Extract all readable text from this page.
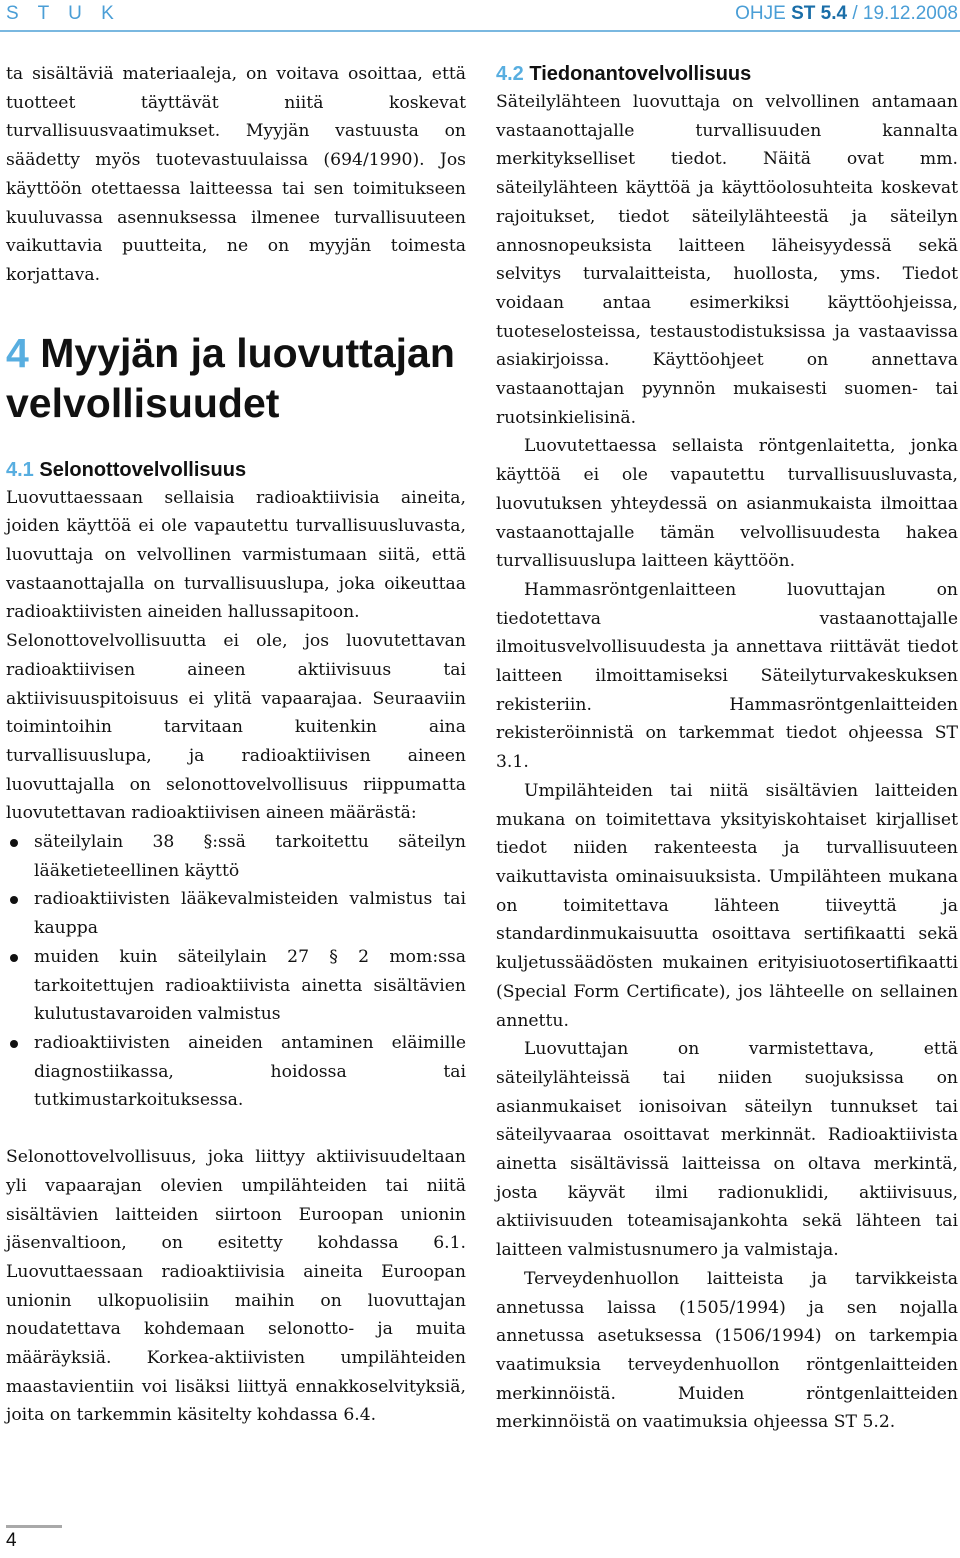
S T U K	OHJE ST 5.4 / 19.12.2008

ta sisältäviä materiaaleja, on voitava osoittaa, että tuotteet täyttävät niitä koskevat turvallisuusvaatimukset. Myyjän vastuusta on säädetty myös tuotevastuulaissa (694/1990). Jos käyttöön otettaessa laitteessa tai sen toimitukseen kuuluvassa asennuksessa ilmenee turvallisuuteen vaikuttavia puutteita, ne on myyjän toimesta korjattava.

4 Myyjän ja luovuttajan velvollisuudet
4.1 Selonottovelvollisuus

Luovuttaessaan sellaisia radioaktiivisia aineita, joiden käyttöä ei ole vapautettu turvallisuusluvasta, luovuttaja on velvollinen varmistumaan siitä, että vastaanottajalla on turvallisuuslupa, joka oikeuttaa radioaktiivisten aineiden hallussapitoon.

Selonottovelvollisuutta ei ole, jos luovutettavan radioaktiivisen aineen aktiivisuus tai aktiivisuuspitoisuus ei ylitä vapaarajaa. Seuraaviin toimintoihin tarvitaan kuitenkin aina turvallisuuslupa, ja radioaktiivisen aineen luovuttajalla on selonottovelvollisuus riippumatta luovutettavan radioaktiivisen aineen määrästä:

säteilylain 38 §:ssä tarkoitettu säteilyn lääketieteellinen käyttö
radioaktiivisten lääkevalmisteiden valmistus tai kauppa
muiden kuin säteilylain 27 § 2 mom:ssa tarkoitettujen radioaktiivista ainetta sisältävien kulutustavaroiden valmistus
radioaktiivisten aineiden antaminen eläimille diagnostiikassa, hoidossa tai tutkimustarkoituksessa.

Selonottovelvollisuus, joka liittyy aktiivisuudeltaan yli vapaarajan olevien umpilähteiden tai niitä sisältävien laitteiden siirtoon Euroopan unionin jäsenvaltioon, on esitetty kohdassa 6.1. Luovuttaessaan radioaktiivisia aineita Euroopan unionin ulkopuolisiin maihin on luovuttajan noudatettava kohdemaan selonotto- ja muita määräyksiä. Korkea-aktiivisten umpilähteiden maastavientiin voi lisäksi liittyä ennakkoselvityksiä, joita on tarkemmin käsitelty kohdassa 6.4.

4.2 Tiedonantovelvollisuus

Säteilylähteen luovuttaja on velvollinen antamaan vastaanottajalle turvallisuuden kannalta merkitykselliset tiedot. Näitä ovat mm. säteilylähteen käyttöä ja käyttöolosuhteita koskevat rajoitukset, tiedot säteilylähteestä ja säteilyn annosnopeuksista laitteen läheisyydessä sekä selvitys turvalaitteista, huollosta, yms. Tiedot voidaan antaa esimerkiksi käyttöohjeissa, tuoteselosteissa, testaustodistuksissa ja vastaavissa asiakirjoissa. Käyttöohjeet on annettava vastaanottajan pyynnön mukaisesti suomen- tai ruotsinkielisinä.

Luovutettaessa sellaista röntgenlaitetta, jonka käyttöä ei ole vapautettu turvallisuusluvasta, luovutuksen yhteydessä on asianmukaista ilmoittaa vastaanottajalle tämän velvollisuudesta hakea turvallisuuslupa laitteen käyttöön.

Hammasröntgenlaitteen luovuttajan on tiedotettava vastaanottajalle ilmoitusvelvollisuudesta ja annettava riittävät tiedot laitteen ilmoittamiseksi Säteilyturvakeskuksen rekisteriin. Hammasröntgenlaitteiden rekisteröinnistä on tarkemmat tiedot ohjeessa ST 3.1.

Umpilähteiden tai niitä sisältävien laitteiden mukana on toimitettava yksityiskohtaiset kirjalliset tiedot niiden rakenteesta ja turvallisuuteen vaikuttavista ominaisuuksista. Umpilähteen mukana on toimitettava lähteen tiiveyttä ja standardinmukaisuutta osoittava sertifikaatti sekä kuljetussäädösten mukainen erityisiuotosertifikaatti (Special Form Certificate), jos lähteelle on sellainen annettu.

Luovuttajan on varmistettava, että säteilylähteissä tai niiden suojuksissa on asianmukaiset ionisoivan säteilyn tunnukset tai säteilyvaaraa osoittavat merkinnät. Radioaktiivista ainetta sisältävissä laitteissa on oltava merkintä, josta käyvät ilmi radionuklidi, aktiivisuus, aktiivisuuden toteamisajankohta sekä lähteen tai laitteen valmistusnumero ja valmistaja.

Terveydenhuollon laitteista ja tarvikkeista annetussa laissa (1505/1994) ja sen nojalla annetussa asetuksessa (1506/1994) on tarkempia vaatimuksia terveydenhuollon röntgenlaitteiden merkinnöistä. Muiden röntgenlaitteiden merkinnöistä on vaatimuksia ohjeessa ST 5.2.

4
